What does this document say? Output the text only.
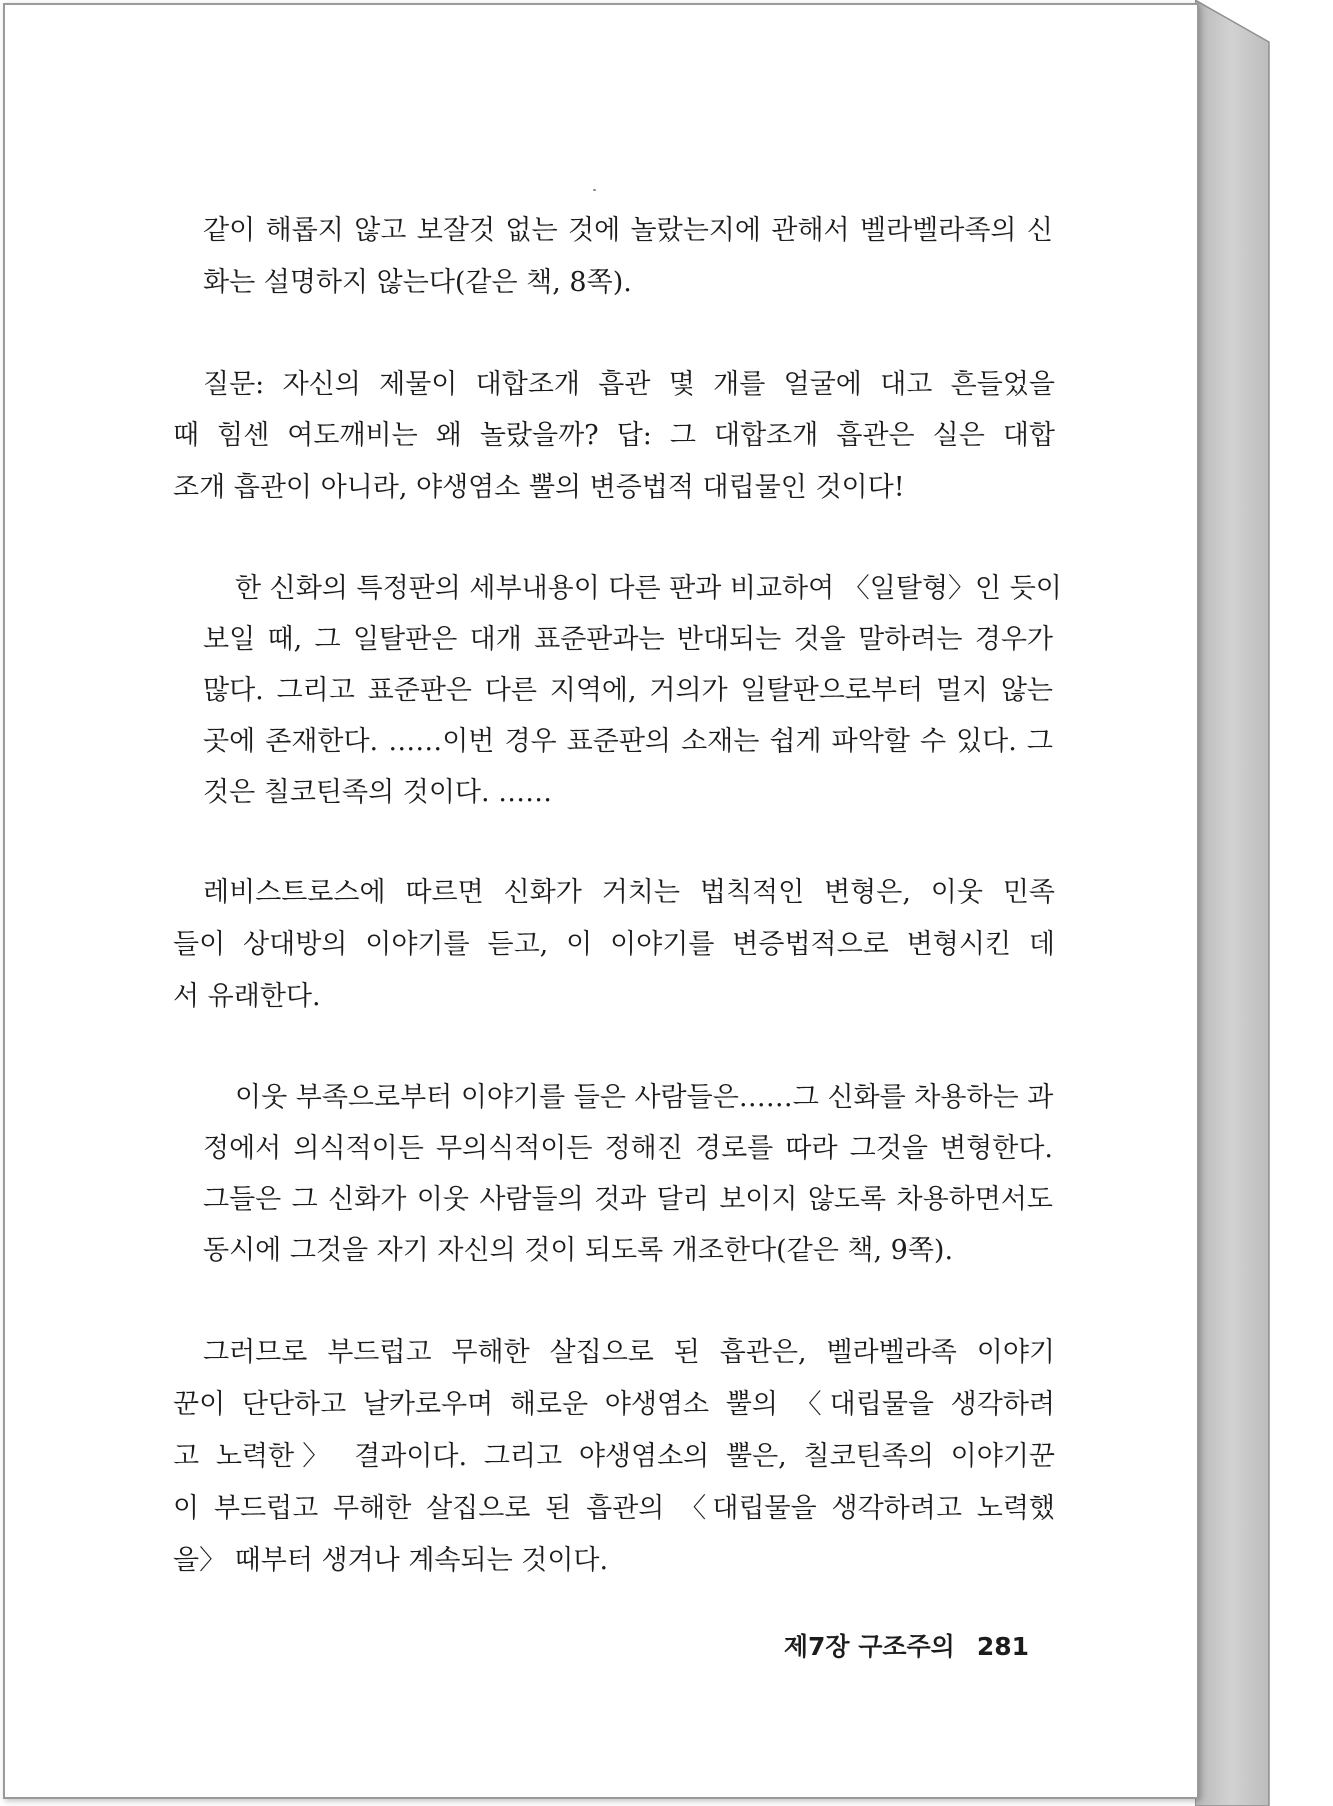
같이 해롭지 않고 보잘것 없는 것에 놀랐는지에 관해서 벨라벨라족의 신
화는 설명하지 않는다(같은 책, 8쪽).
질문: 자신의 제물이 대합조개 흡관 몇 개를 얼굴에 대고 흔들었을
때 힘센 여도깨비는 왜 놀랐을까? 답: 그 대합조개 흡관은 실은 대합
조개 흡관이 아니라, 야생염소 뿔의 변증법적 대립물인 것이다!
한 신화의 특정판의 세부내용이 다른 판과 비교하여 〈일탈형〉인 듯이
보일 때, 그 일탈판은 대개 표준판과는 반대되는 것을 말하려는 경우가
많다. 그리고 표준판은 다른 지역에, 거의가 일탈판으로부터 멀지 않는
곳에 존재한다. ……이번 경우 표준판의 소재는 쉽게 파악할 수 있다. 그
것은 칠코틴족의 것이다. ……
레비스트로스에 따르면 신화가 거치는 법칙적인 변형은, 이웃 민족
들이 상대방의 이야기를 듣고, 이 이야기를 변증법적으로 변형시킨 데
서 유래한다.
이웃 부족으로부터 이야기를 들은 사람들은……그 신화를 차용하는 과
정에서 의식적이든 무의식적이든 정해진 경로를 따라 그것을 변형한다.
그들은 그 신화가 이웃 사람들의 것과 달리 보이지 않도록 차용하면서도
동시에 그것을 자기 자신의 것이 되도록 개조한다(같은 책, 9쪽).
그러므로 부드럽고 무해한 살집으로 된 흡관은, 벨라벨라족 이야기
꾼이 단단하고 날카로우며 해로운 야생염소 뿔의 〈대립물을 생각하려
고 노력한〉 결과이다. 그리고 야생염소의 뿔은, 칠코틴족의 이야기꾼
이 부드럽고 무해한 살집으로 된 흡관의 〈대립물을 생각하려고 노력했
을〉 때부터 생겨나 계속되는 것이다.
제7장 구조주의 281
